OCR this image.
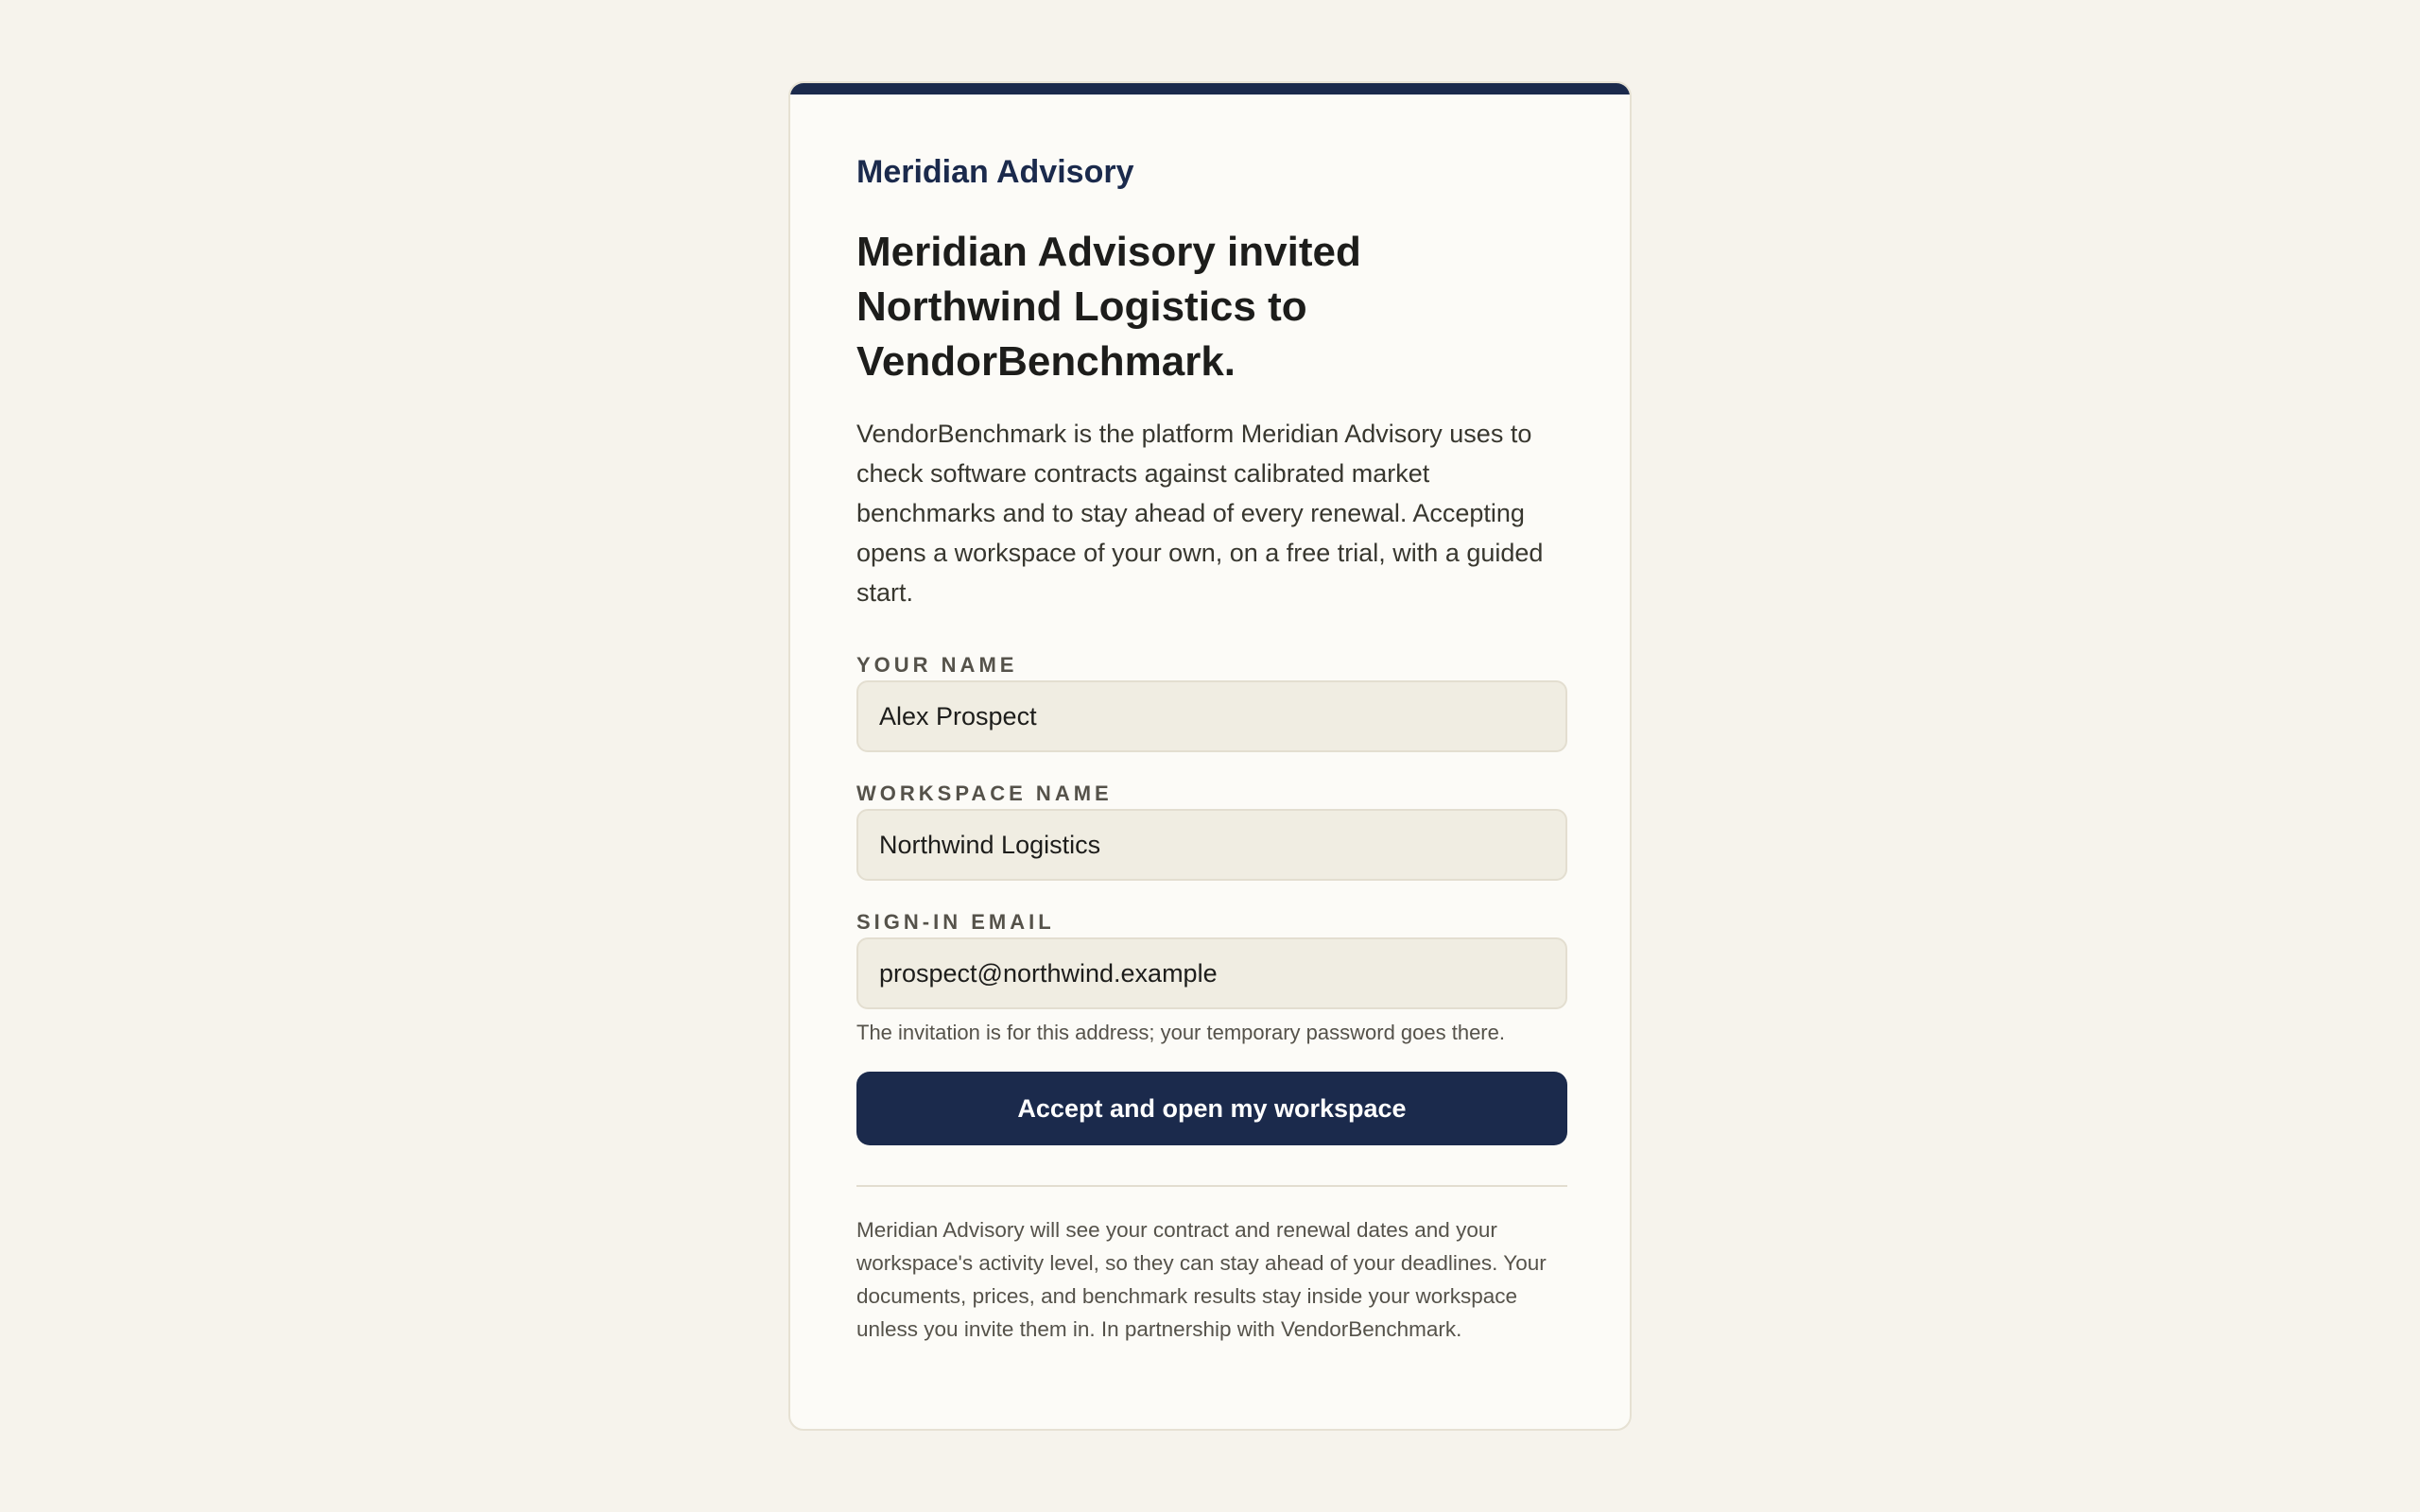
Meridian Advisory
Meridian Advisory invited Northwind Logistics to VendorBenchmark.

VendorBenchmark is the platform Meridian Advisory uses to check software contracts against calibrated market benchmarks and to stay ahead of every renewal. Accepting opens a workspace of your own, on a free trial, with a guided start.

YOUR NAME
Alex Prospect
WORKSPACE NAME
Northwind Logistics
SIGN-IN EMAIL
prospect@northwind.example
The invitation is for this address; your temporary password goes there.
Accept and open my workspace

Meridian Advisory will see your contract and renewal dates and your workspace's activity level, so they can stay ahead of your deadlines. Your documents, prices, and benchmark results stay inside your workspace unless you invite them in. In partnership with VendorBenchmark.
